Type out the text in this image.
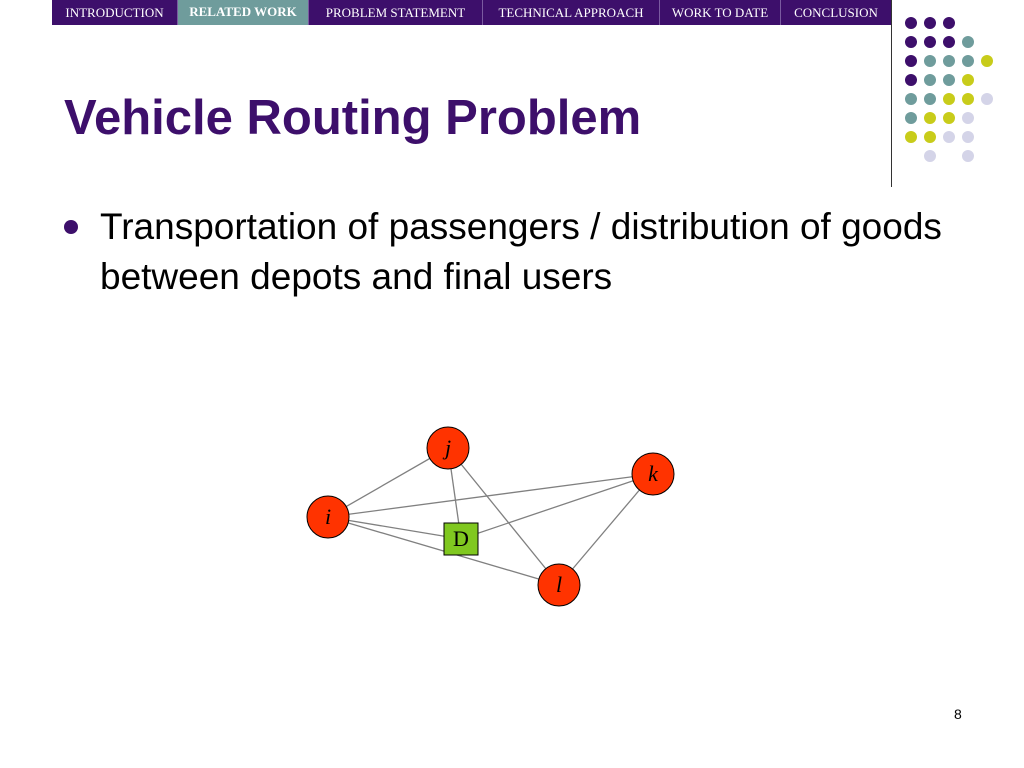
INTRODUCTION	RELATED WORK	PROBLEM STATEMENT	TECHNICAL APPROACH	WORK TO DATE	CONCLUSION
Vehicle Routing Problem

Transportation of passengers / distribution of goods between depots and final users

i
j
k
l
D
8
